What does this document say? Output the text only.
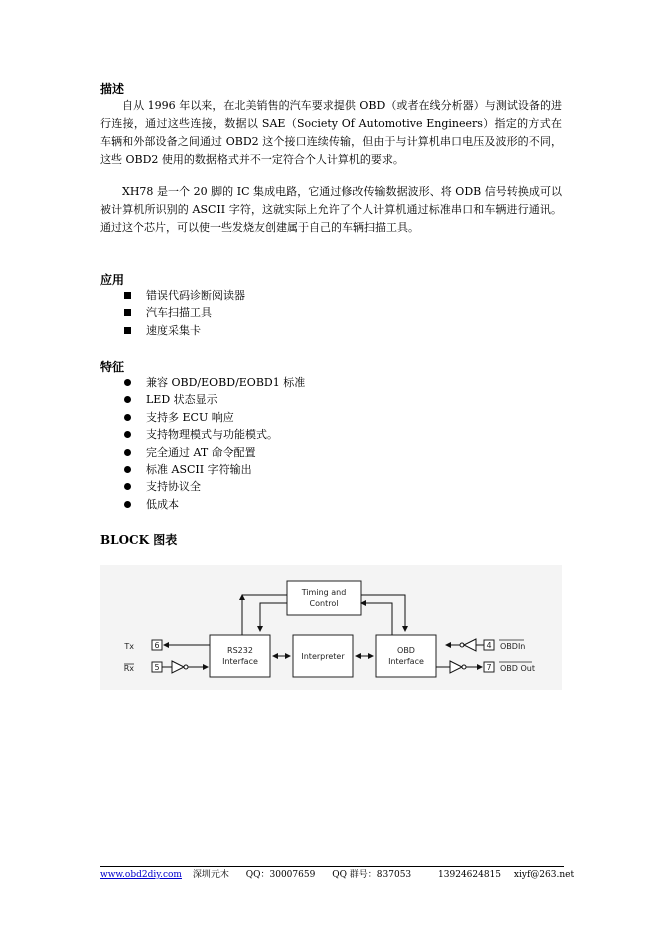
描述
自从 1996 年以来，在北美销售的汽车要求提供 OBD（或者在线分析器）与测试设备的进行连接，通过这些连接，数据以 SAE（Society Of Automotive Engineers）指定的方式在车辆和外部设备之间通过 OBD2 这个接口连续传输，但由于与计算机串口电压及波形的不同，这些 OBD2 使用的数据格式并不一定符合个人计算机的要求。
XH78 是一个 20 脚的 IC 集成电路，它通过修改传输数据波形、将 ODB 信号转换成可以被计算机所识别的 ASCII 字符，这就实际上允许了个人计算机通过标准串口和车辆进行通讯。通过这个芯片，可以使一些发烧友创建属于自己的车辆扫描工具。
应用
错误代码诊断阅读器
汽车扫描工具
速度采集卡
特征
兼容 OBD/EOBD/EOBD1 标准
LED 状态显示
支持多 ECU 响应
支持物理模式与功能模式。
完全通过 AT 命令配置
标准 ASCII 字符输出
支持协议全
低成本
BLOCK 图表
Timing and
Control
RS232
Interface
Interpreter
OBD
Interface
Tx	6
Rx	5
4 OBDIn
7 OBD Out
www.obd2diy.com 深圳元木 QQ：30007659 QQ 群号：837053	13924624815 xiyf@263.net
